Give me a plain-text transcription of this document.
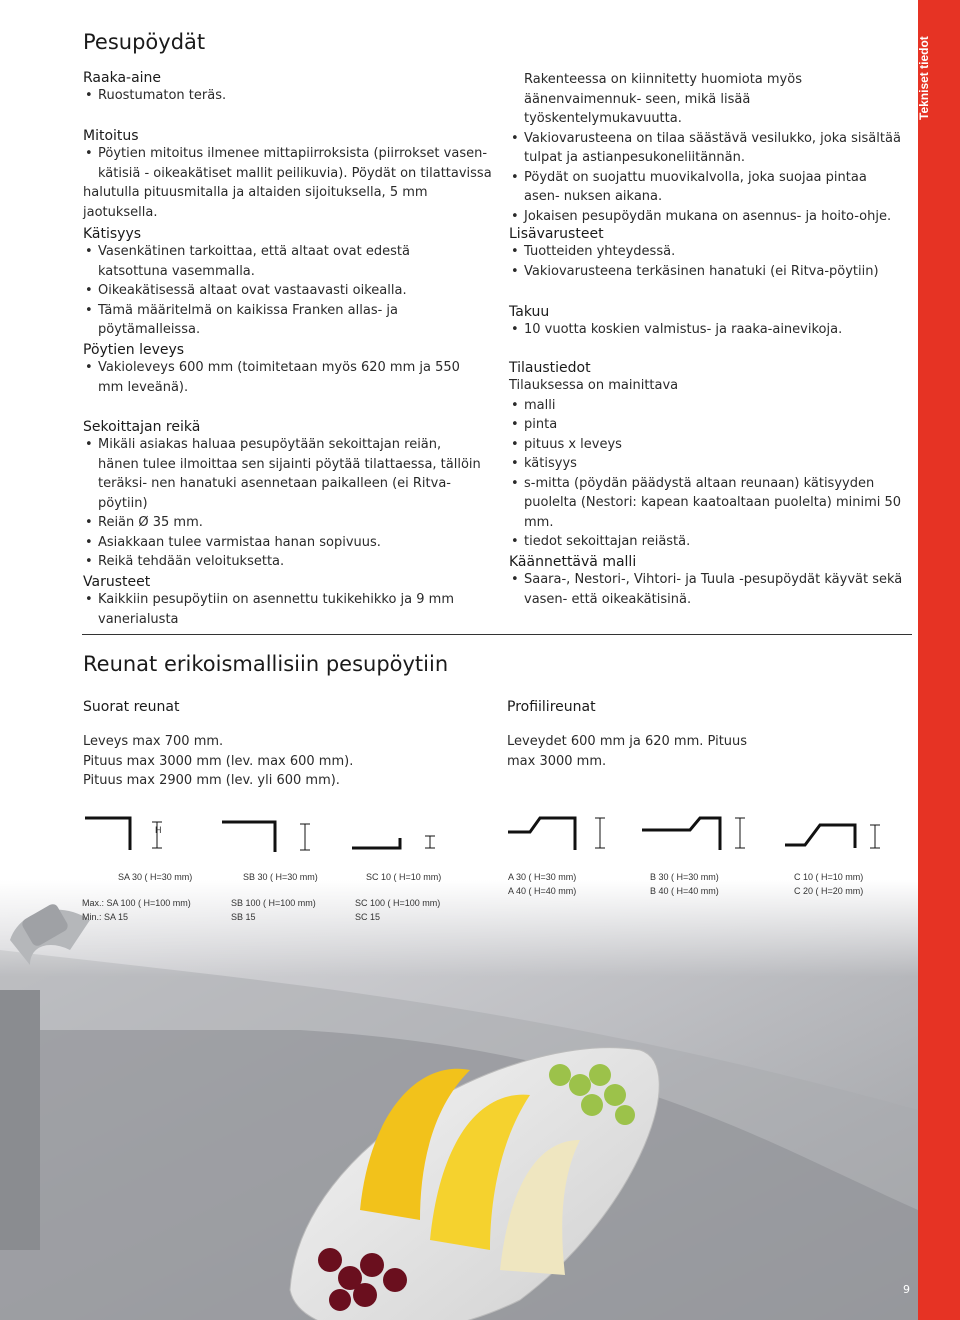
Tekniset tiedot
Pesupöydät
Raaka-aine
• Ruostumaton teräs.
Mitoitus
• Pöytien mitoitus ilmenee mittapiirroksista (piirrokset vasen- kätisiä - oikeakätiset mallit peilikuvia). Pöydät on tilattavissa
halutulla pituusmitalla ja altaiden sijoituksella, 5 mm jaotuksella.
Kätisyys
• Vasenkätinen tarkoittaa, että altaat ovat edestä katsottuna vasemmalla.
• Oikeakätisessä altaat ovat vastaavasti oikealla.
• Tämä määritelmä on kaikissa Franken allas- ja pöytämalleissa.
Pöytien leveys
• Vakioleveys 600 mm (toimitetaan myös 620 mm ja 550 mm leveänä).
Sekoittajan reikä
• Mikäli asiakas haluaa pesupöytään sekoittajan reiän, hänen tulee ilmoittaa sen sijainti pöytää tilattaessa, tällöin teräksi- nen hanatuki asennetaan paikalleen (ei Ritva-pöytiin)
• Reiän Ø 35 mm.
• Asiakkaan tulee varmistaa hanan sopivuus.
• Reikä tehdään veloituksetta.
Varusteet
• Kaikkiin pesupöytiin on asennettu tukikehikko ja 9 mm vanerialusta
Rakenteessa on kiinnitetty huomiota myös äänenvaimennuk- seen, mikä lisää työskentelymukavuutta.
• Vakiovarusteena on tilaa säästävä vesilukko, joka sisältää tulpat ja astianpesukoneliitännän.
• Pöydät on suojattu muovikalvolla, joka suojaa pintaa asen- nuksen aikana.
• Jokaisen pesupöydän mukana on asennus- ja hoito-ohje.
Lisävarusteet
• Tuotteiden yhteydessä.
• Vakiovarusteena terkäsinen hanatuki (ei Ritva-pöytiin)
Takuu
• 10 vuotta koskien valmistus- ja raaka-ainevikoja.
Tilaustiedot
Tilauksessa on mainittava
• malli
• pinta
• pituus x leveys
• kätisyys
• s-mitta (pöydän päädystä altaan reunaan) kätisyyden puolelta (Nestori: kapean kaatoaltaan puolelta) minimi 50 mm.
• tiedot sekoittajan reiästä.
Käännettävä malli
• Saara-, Nestori-, Vihtori- ja Tuula -pesupöydät käyvät sekä vasen- että oikeakätisinä.
Reunat erikoismallisiin pesupöytiin
Suorat reunat
Leveys max 700 mm.
Pituus max 3000 mm (lev. max 600 mm).
Pituus max 2900 mm (lev. yli 600 mm).
Profiilireunat
Leveydet 600 mm ja 620 mm. Pituus
max 3000 mm.
H
SA 30 ( H=30 mm)
Max.: SA 100 ( H=100 mm)
Min.: SA 15
SB 30 ( H=30 mm)
SB 100 ( H=100 mm)
SB 15
SC 10 ( H=10 mm)
SC 100 ( H=100 mm)
SC 15
A 30 ( H=30 mm)
A 40 ( H=40 mm)
B 30 ( H=30 mm)
B 40 ( H=40 mm)
C 10 ( H=10 mm)
C 20 ( H=20 mm)
9
